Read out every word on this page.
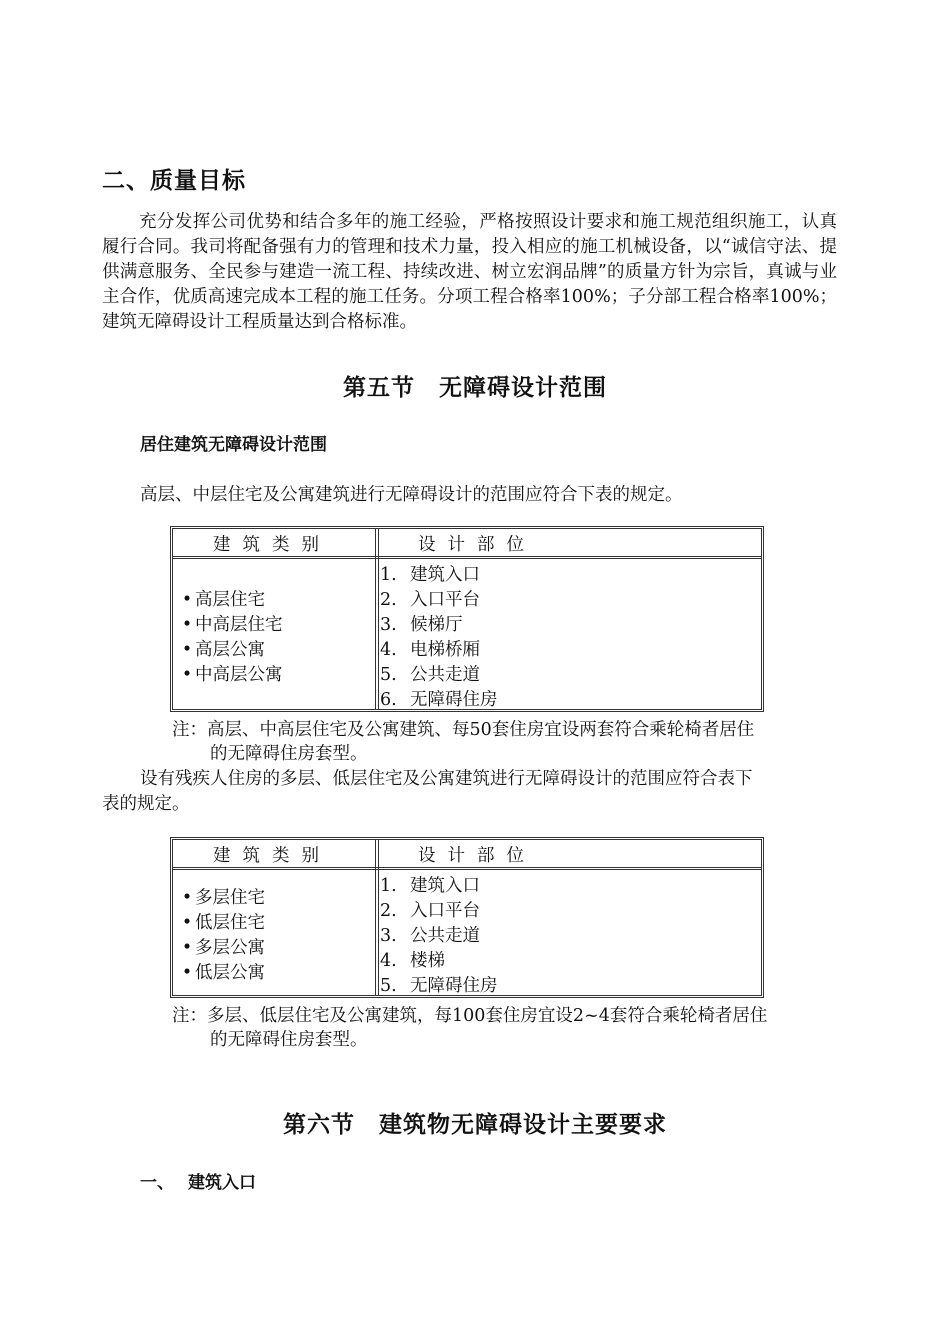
二、质量目标
充分发挥公司优势和结合多年的施工经验，严格按照设计要求和施工规范组织施工，认真履行合同。我司将配备强有力的管理和技术力量，投入相应的施工机械设备，以“诚信守法、提供满意服务、全民参与建造一流工程、持续改进、树立宏润品牌”的质量方针为宗旨，真诚与业主合作，优质高速完成本工程的施工任务。分项工程合格率100%；子分部工程合格率100%；建筑无障碍设计工程质量达到合格标准。
第五节　无障碍设计范围
居住建筑无障碍设计范围
高层、中层住宅及公寓建筑进行无障碍设计的范围应符合下表的规定。
建筑类别	设计部位
• 高层住宅
• 中高层住宅
• 高层公寓
• 中高层公寓
1. 建筑入口
2. 入口平台
3. 候梯厅
4. 电梯桥厢
5. 公共走道
6. 无障碍住房
注：高层、中高层住宅及公寓建筑、每50套住房宜设两套符合乘轮椅者居住
的无障碍住房套型。
设有残疾人住房的多层、低层住宅及公寓建筑进行无障碍设计的范围应符合表下
表的规定。
建筑类别	设计部位
• 多层住宅
• 低层住宅
• 多层公寓
• 低层公寓
1. 建筑入口
2. 入口平台
3. 公共走道
4. 楼梯
5. 无障碍住房
注：多层、低层住宅及公寓建筑，每100套住房宜设2~4套符合乘轮椅者居住
的无障碍住房套型。
第六节　建筑物无障碍设计主要要求
一、 建筑入口
